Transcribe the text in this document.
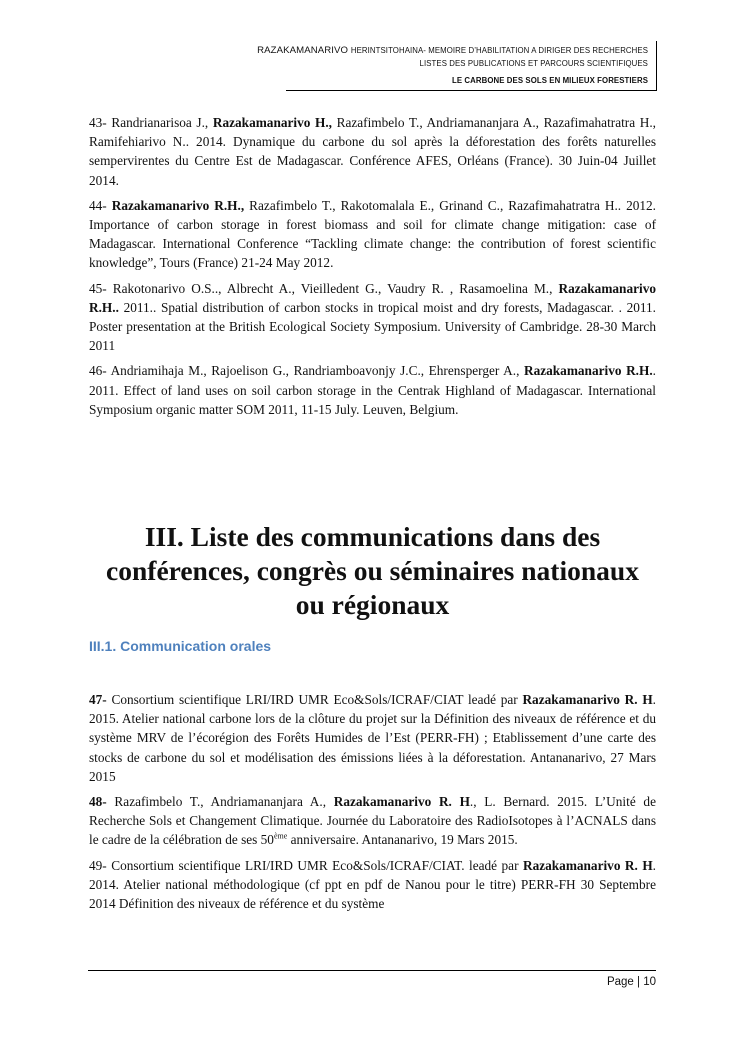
RAZAKAMANARIVO HERINTSITOHAINA- MEMOIRE D’HABILITATION A DIRIGER DES RECHERCHES
LISTES DES PUBLICATIONS ET PARCOURS SCIENTIFIQUES
LE CARBONE DES SOLS EN MILIEUX FORESTIERS

43- Randrianarisoa J., Razakamanarivo H., Razafimbelo T., Andriamananjara A., Razafimahatratra H., Ramifehiarivo N.. 2014. Dynamique du carbone du sol après la déforestation des forêts naturelles sempervirentes du Centre Est de Madagascar. Conférence AFES, Orléans (France). 30 Juin-04 Juillet 2014.

44- Razakamanarivo R.H., Razafimbelo T., Rakotomalala E., Grinand C., Razafimahatratra H.. 2012. Importance of carbon storage in forest biomass and soil for climate change mitigation: case of Madagascar. International Conference “Tackling climate change: the contribution of forest scientific knowledge”, Tours (France) 21-24 May 2012.

45- Rakotonarivo O.S.., Albrecht A., Vieilledent G., Vaudry R. , Rasamoelina M., Razakamanarivo R.H.. 2011.. Spatial distribution of carbon stocks in tropical moist and dry forests, Madagascar. . 2011. Poster presentation at the British Ecological Society Symposium. University of Cambridge. 28-30 March 2011

46- Andriamihaja M., Rajoelison G., Randriamboavonjy J.C., Ehrensperger A., Razakamanarivo R.H.. 2011. Effect of land uses on soil carbon storage in the Centrak Highland of Madagascar. International Symposium organic matter SOM 2011, 11-15 July. Leuven, Belgium.

III. Liste des communications dans des conférences, congrès ou séminaires nationaux ou régionaux
III.1. Communication orales

47- Consortium scientifique LRI/IRD UMR Eco&Sols/ICRAF/CIAT leadé par Razakamanarivo R. H. 2015. Atelier national carbone lors de la clôture du projet sur la Définition des niveaux de référence et du système MRV de l’écorégion des Forêts Humides de l’Est (PERR-FH) ; Etablissement d’une carte des stocks de carbone du sol et modélisation des émissions liées à la déforestation. Antananarivo, 27 Mars 2015

48- Razafimbelo T., Andriamananjara A., Razakamanarivo R. H., L. Bernard. 2015. L’Unité de Recherche Sols et Changement Climatique. Journée du Laboratoire des RadioIsotopes à l’ACNALS dans le cadre de la célébration de ses 50ème anniversaire. Antananarivo, 19 Mars 2015.

49- Consortium scientifique LRI/IRD UMR Eco&Sols/ICRAF/CIAT. leadé par Razakamanarivo R. H. 2014. Atelier national méthodologique (cf ppt en pdf de Nanou pour le titre) PERR-FH 30 Septembre 2014 Définition des niveaux de référence et du système

Page | 10
